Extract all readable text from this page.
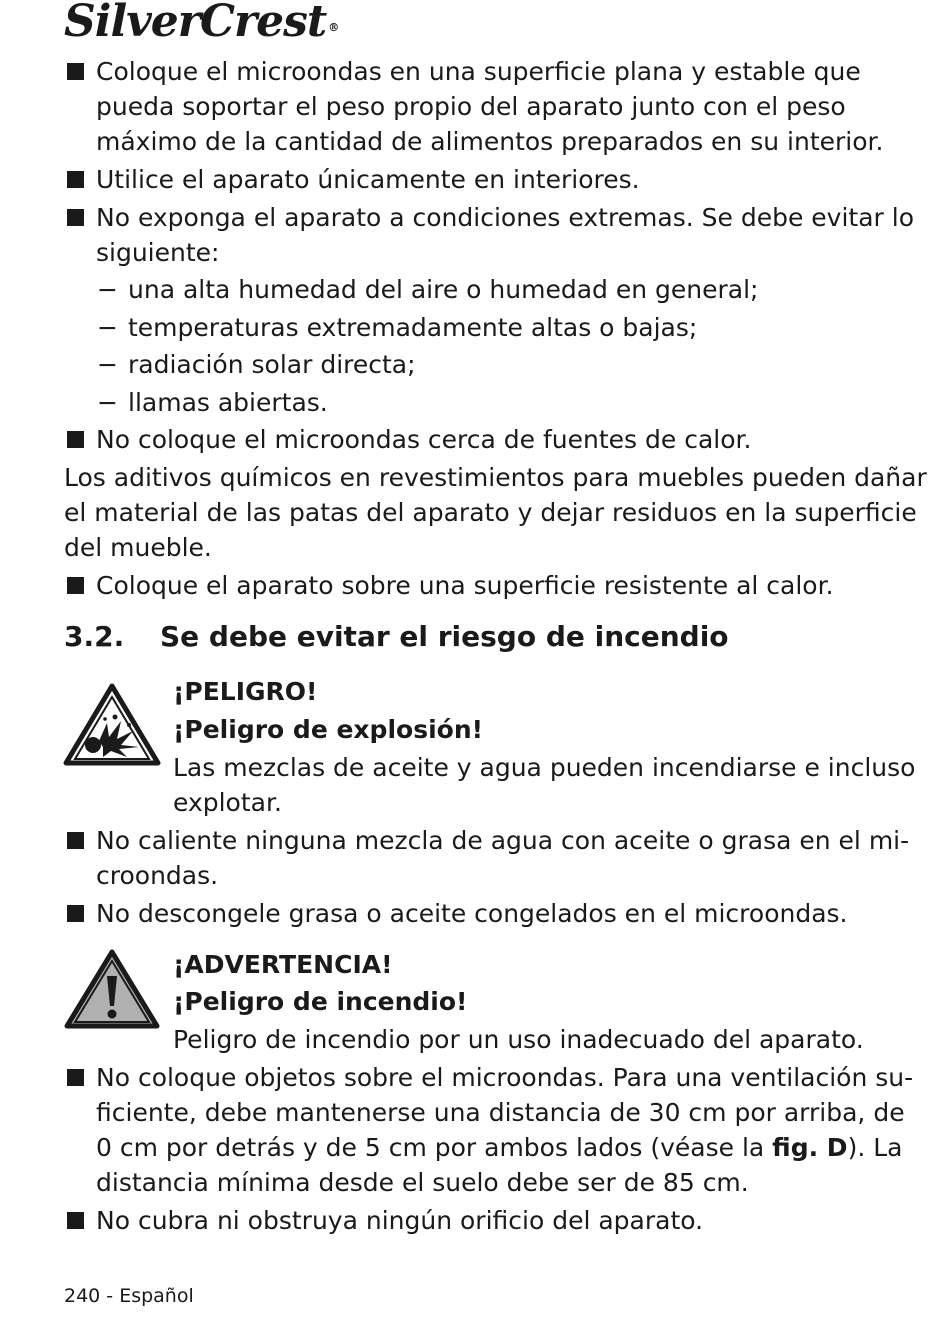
SilverCrest ®
Coloque el microondas en una superficie plana y estable que
pueda soportar el peso propio del aparato junto con el peso
máximo de la cantidad de alimentos preparados en su interior.
Utilice el aparato únicamente en interiores.
No exponga el aparato a condiciones extremas. Se debe evitar lo
siguiente:
− una alta humedad del aire o humedad en general;
− temperaturas extremadamente altas o bajas;
− radiación solar directa;
− llamas abiertas.
No coloque el microondas cerca de fuentes de calor.
Los aditivos químicos en revestimientos para muebles pueden dañar
el material de las patas del aparato y dejar residuos en la superficie
del mueble.
Coloque el aparato sobre una superficie resistente al calor.
3.2. Se debe evitar el riesgo de incendio
¡PELIGRO!
¡Peligro de explosión!
Las mezclas de aceite y agua pueden incendiarse e incluso
explotar.
No caliente ninguna mezcla de agua con aceite o grasa en el mi-
croondas.
No descongele grasa o aceite congelados en el microondas.
¡ADVERTENCIA!
¡Peligro de incendio!
Peligro de incendio por un uso inadecuado del aparato.
No coloque objetos sobre el microondas. Para una ventilación su-
ficiente, debe mantenerse una distancia de 30 cm por arriba, de
0 cm por detrás y de 5 cm por ambos lados (véase la fig. D). La
distancia mínima desde el suelo debe ser de 85 cm.
No cubra ni obstruya ningún orificio del aparato.
240 - Español
